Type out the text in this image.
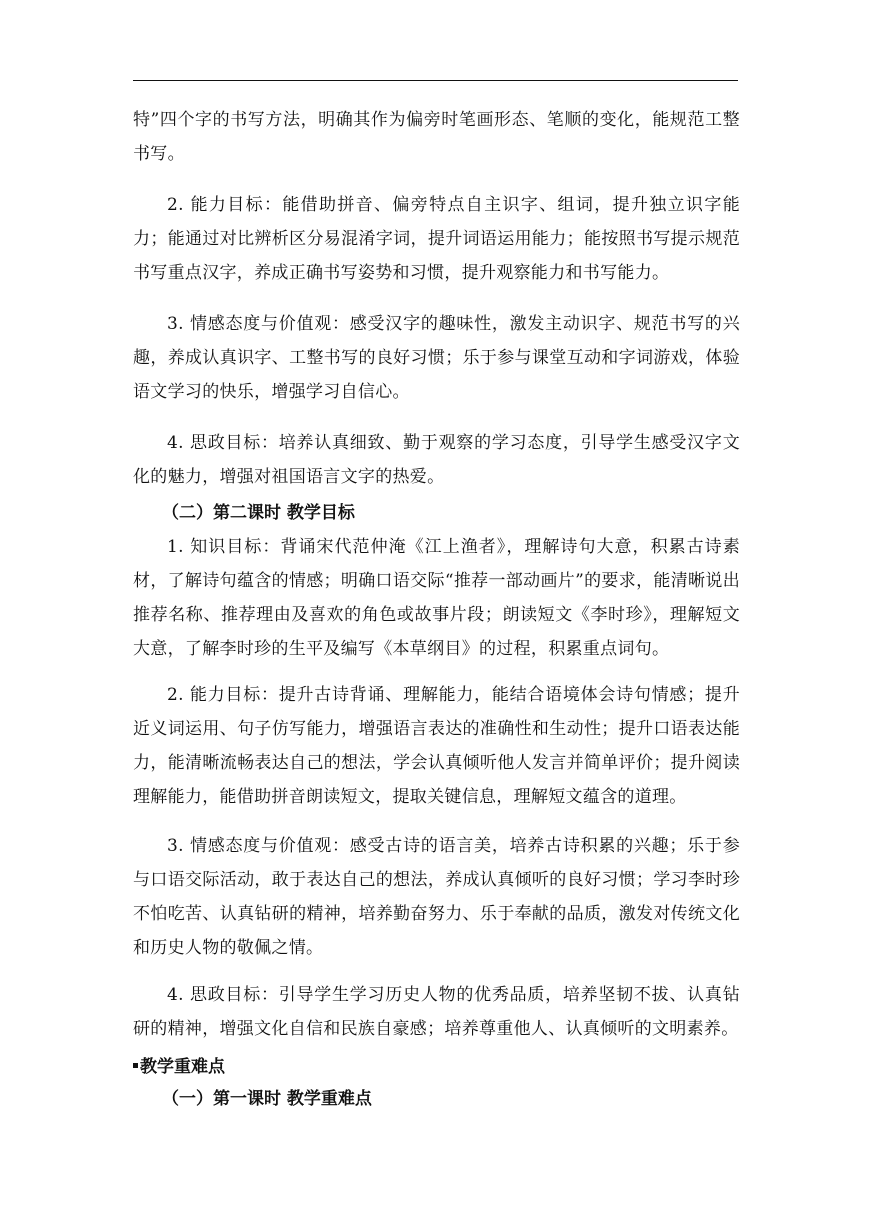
特”四个字的书写方法，明确其作为偏旁时笔画形态、笔顺的变化，能规范工整书写。

2. 能力目标：能借助拼音、偏旁特点自主识字、组词，提升独立识字能力；能通过对比辨析区分易混淆字词，提升词语运用能力；能按照书写提示规范书写重点汉字，养成正确书写姿势和习惯，提升观察能力和书写能力。

3. 情感态度与价值观：感受汉字的趣味性，激发主动识字、规范书写的兴趣，养成认真识字、工整书写的良好习惯；乐于参与课堂互动和字词游戏，体验语文学习的快乐，增强学习自信心。

4. 思政目标：培养认真细致、勤于观察的学习态度，引导学生感受汉字文化的魅力，增强对祖国语言文字的热爱。

（二）第二课时 教学目标

1. 知识目标：背诵宋代范仲淹《江上渔者》，理解诗句大意，积累古诗素材，了解诗句蕴含的情感；明确口语交际“推荐一部动画片”的要求，能清晰说出推荐名称、推荐理由及喜欢的角色或故事片段；朗读短文《李时珍》，理解短文大意，了解李时珍的生平及编写《本草纲目》的过程，积累重点词句。

2. 能力目标：提升古诗背诵、理解能力，能结合语境体会诗句情感；提升近义词运用、句子仿写能力，增强语言表达的准确性和生动性；提升口语表达能力，能清晰流畅表达自己的想法，学会认真倾听他人发言并简单评价；提升阅读理解能力，能借助拼音朗读短文，提取关键信息，理解短文蕴含的道理。

3. 情感态度与价值观：感受古诗的语言美，培养古诗积累的兴趣；乐于参与口语交际活动，敢于表达自己的想法，养成认真倾听的良好习惯；学习李时珍不怕吃苦、认真钻研的精神，培养勤奋努力、乐于奉献的品质，激发对传统文化和历史人物的敬佩之情。

4. 思政目标：引导学生学习历史人物的优秀品质，培养坚韧不拔、认真钻研的精神，增强文化自信和民族自豪感；培养尊重他人、认真倾听的文明素养。

教学重难点

（一）第一课时 教学重难点
